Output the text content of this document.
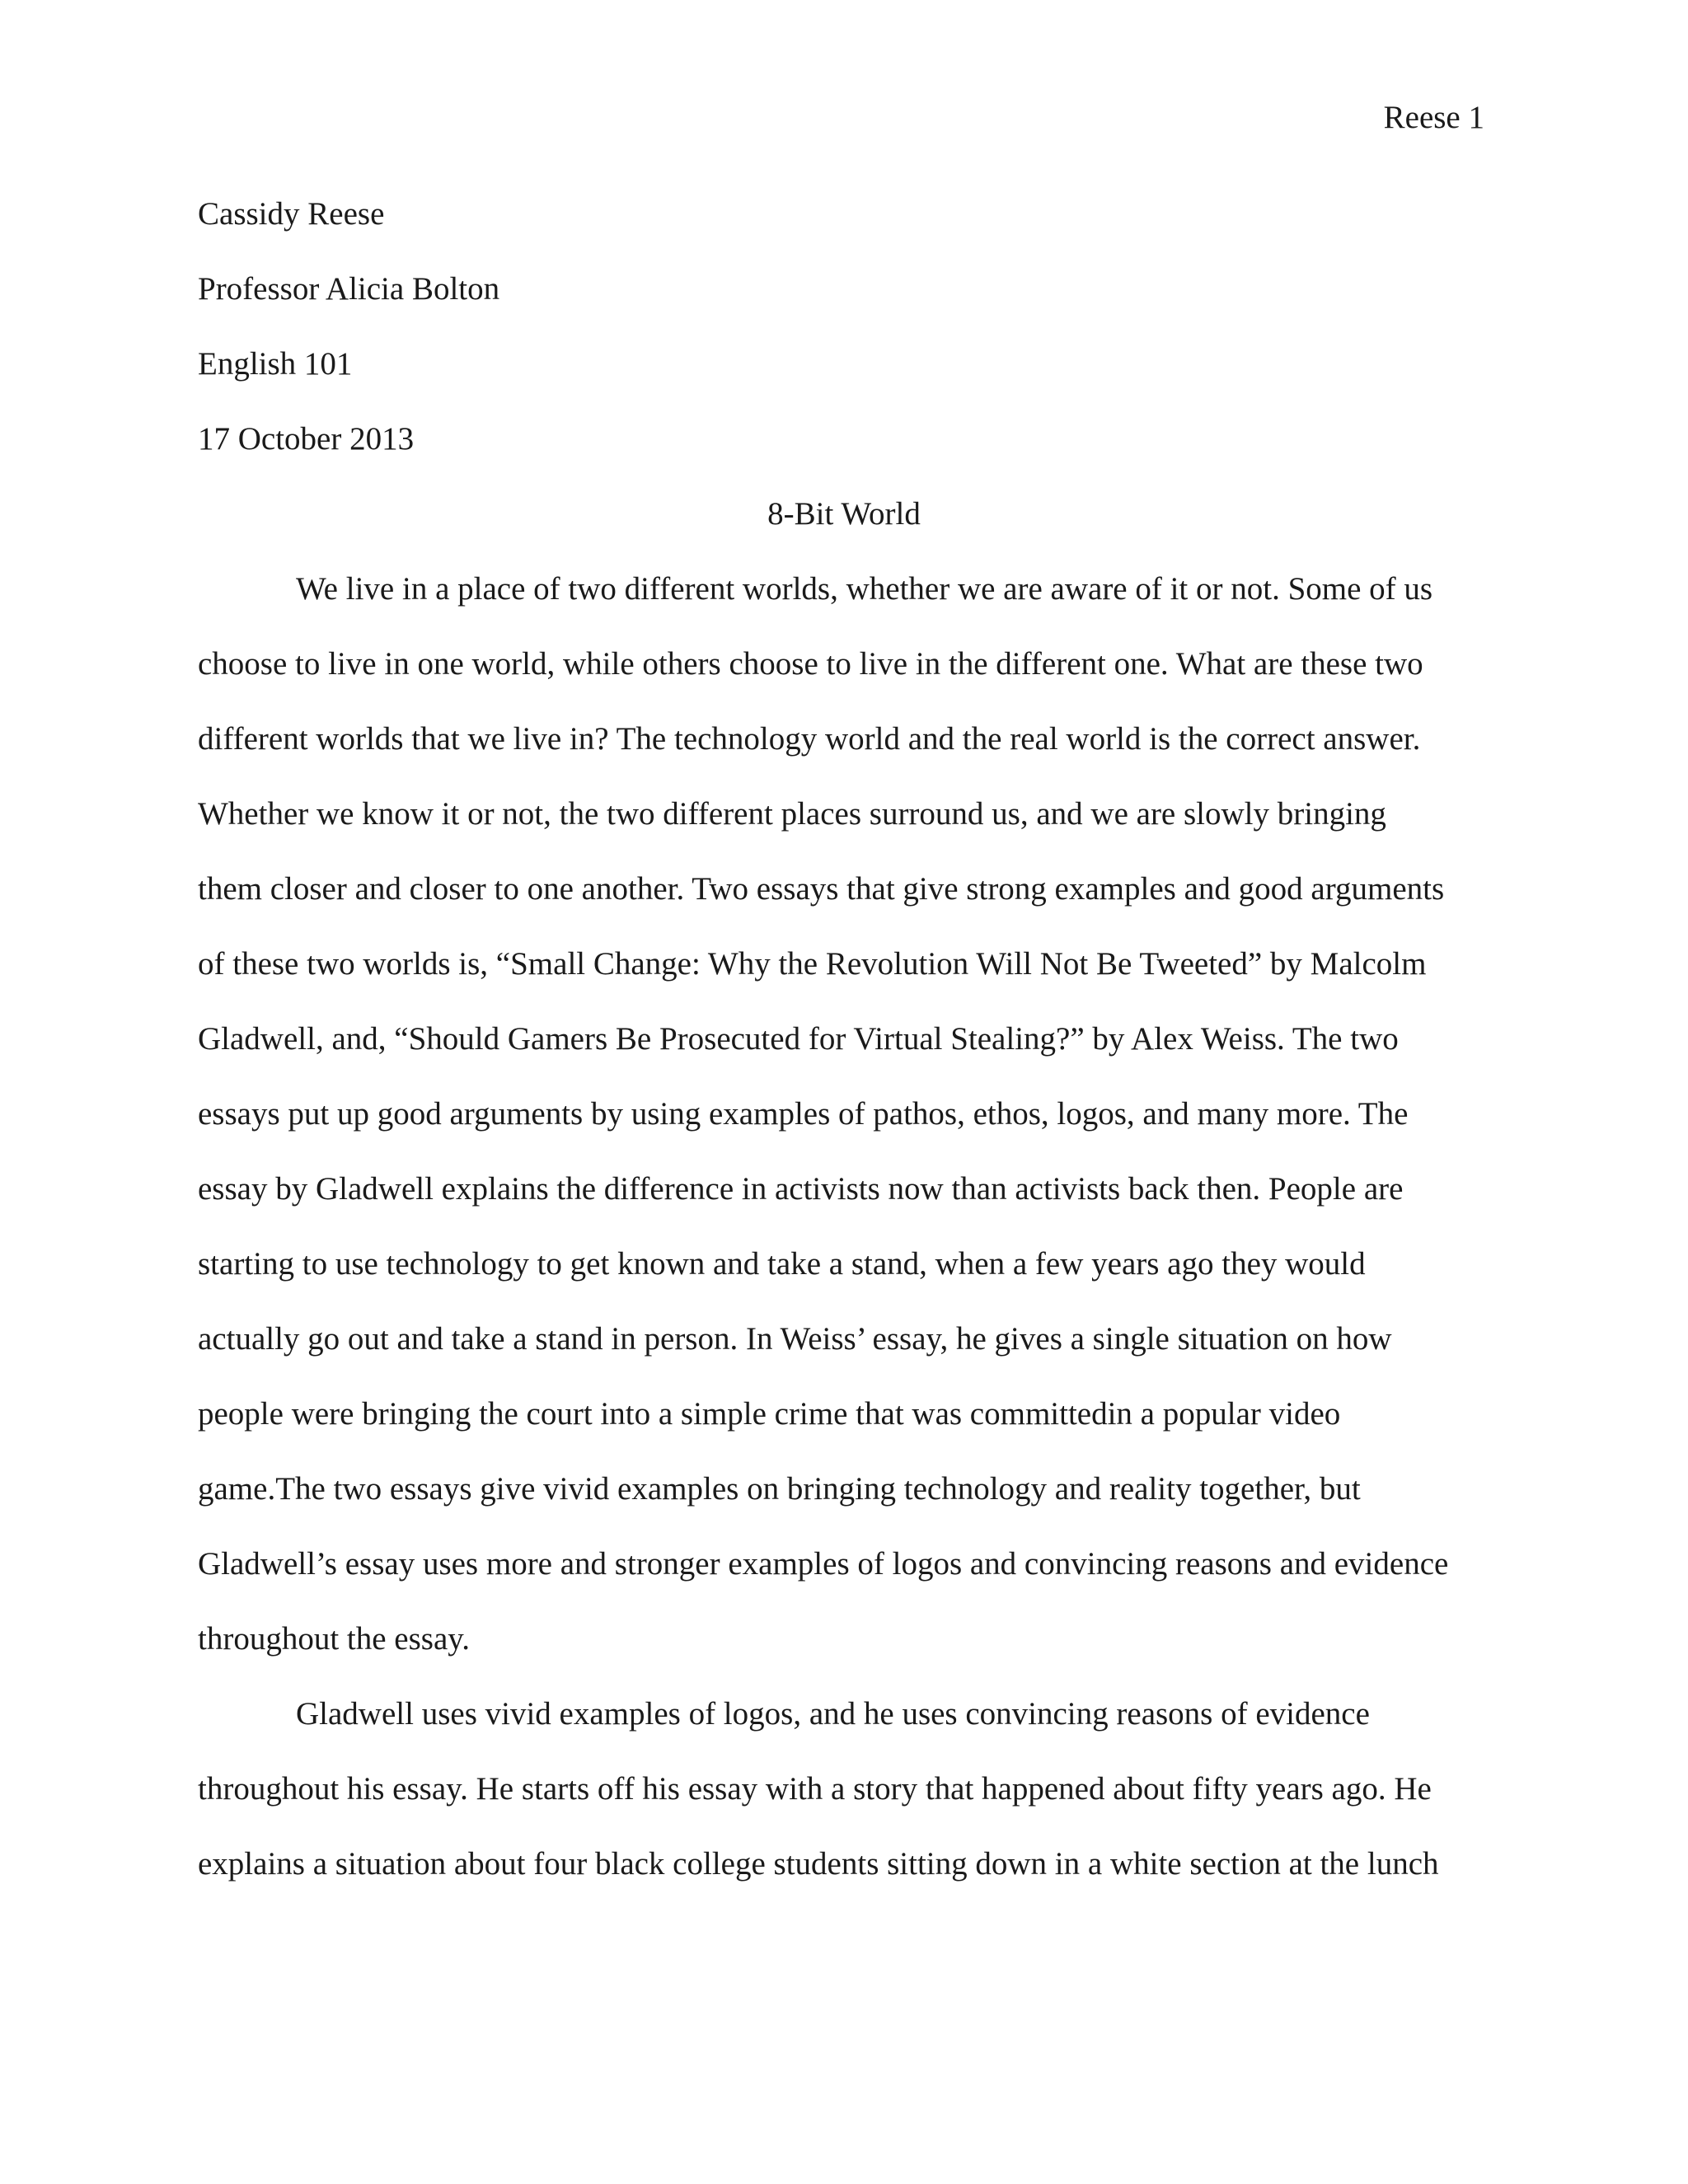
Reese 1
Cassidy Reese
Professor Alicia Bolton
English 101
17 October 2013
8-Bit World
We live in a place of two different worlds, whether we are aware of it or not. Some of us
choose to live in one world, while others choose to live in the different one. What are these two
different worlds that we live in? The technology world and the real world is the correct answer.
Whether we know it or not, the two different places surround us, and we are slowly bringing
them closer and closer to one another. Two essays that give strong examples and good arguments
of these two worlds is, “Small Change: Why the Revolution Will Not Be Tweeted” by Malcolm
Gladwell, and, “Should Gamers Be Prosecuted for Virtual Stealing?” by Alex Weiss. The two
essays put up good arguments by using examples of pathos, ethos, logos, and many more. The
essay by Gladwell explains the difference in activists now than activists back then. People are
starting to use technology to get known and take a stand, when a few years ago they would
actually go out and take a stand in person. In Weiss’ essay, he gives a single situation on how
people were bringing the court into a simple crime that was committedin a popular video
game.The two essays give vivid examples on bringing technology and reality together, but
Gladwell’s essay uses more and stronger examples of logos and convincing reasons and evidence
throughout the essay.
Gladwell uses vivid examples of logos, and he uses convincing reasons of evidence
throughout his essay. He starts off his essay with a story that happened about fifty years ago. He
explains a situation about four black college students sitting down in a white section at the lunch
